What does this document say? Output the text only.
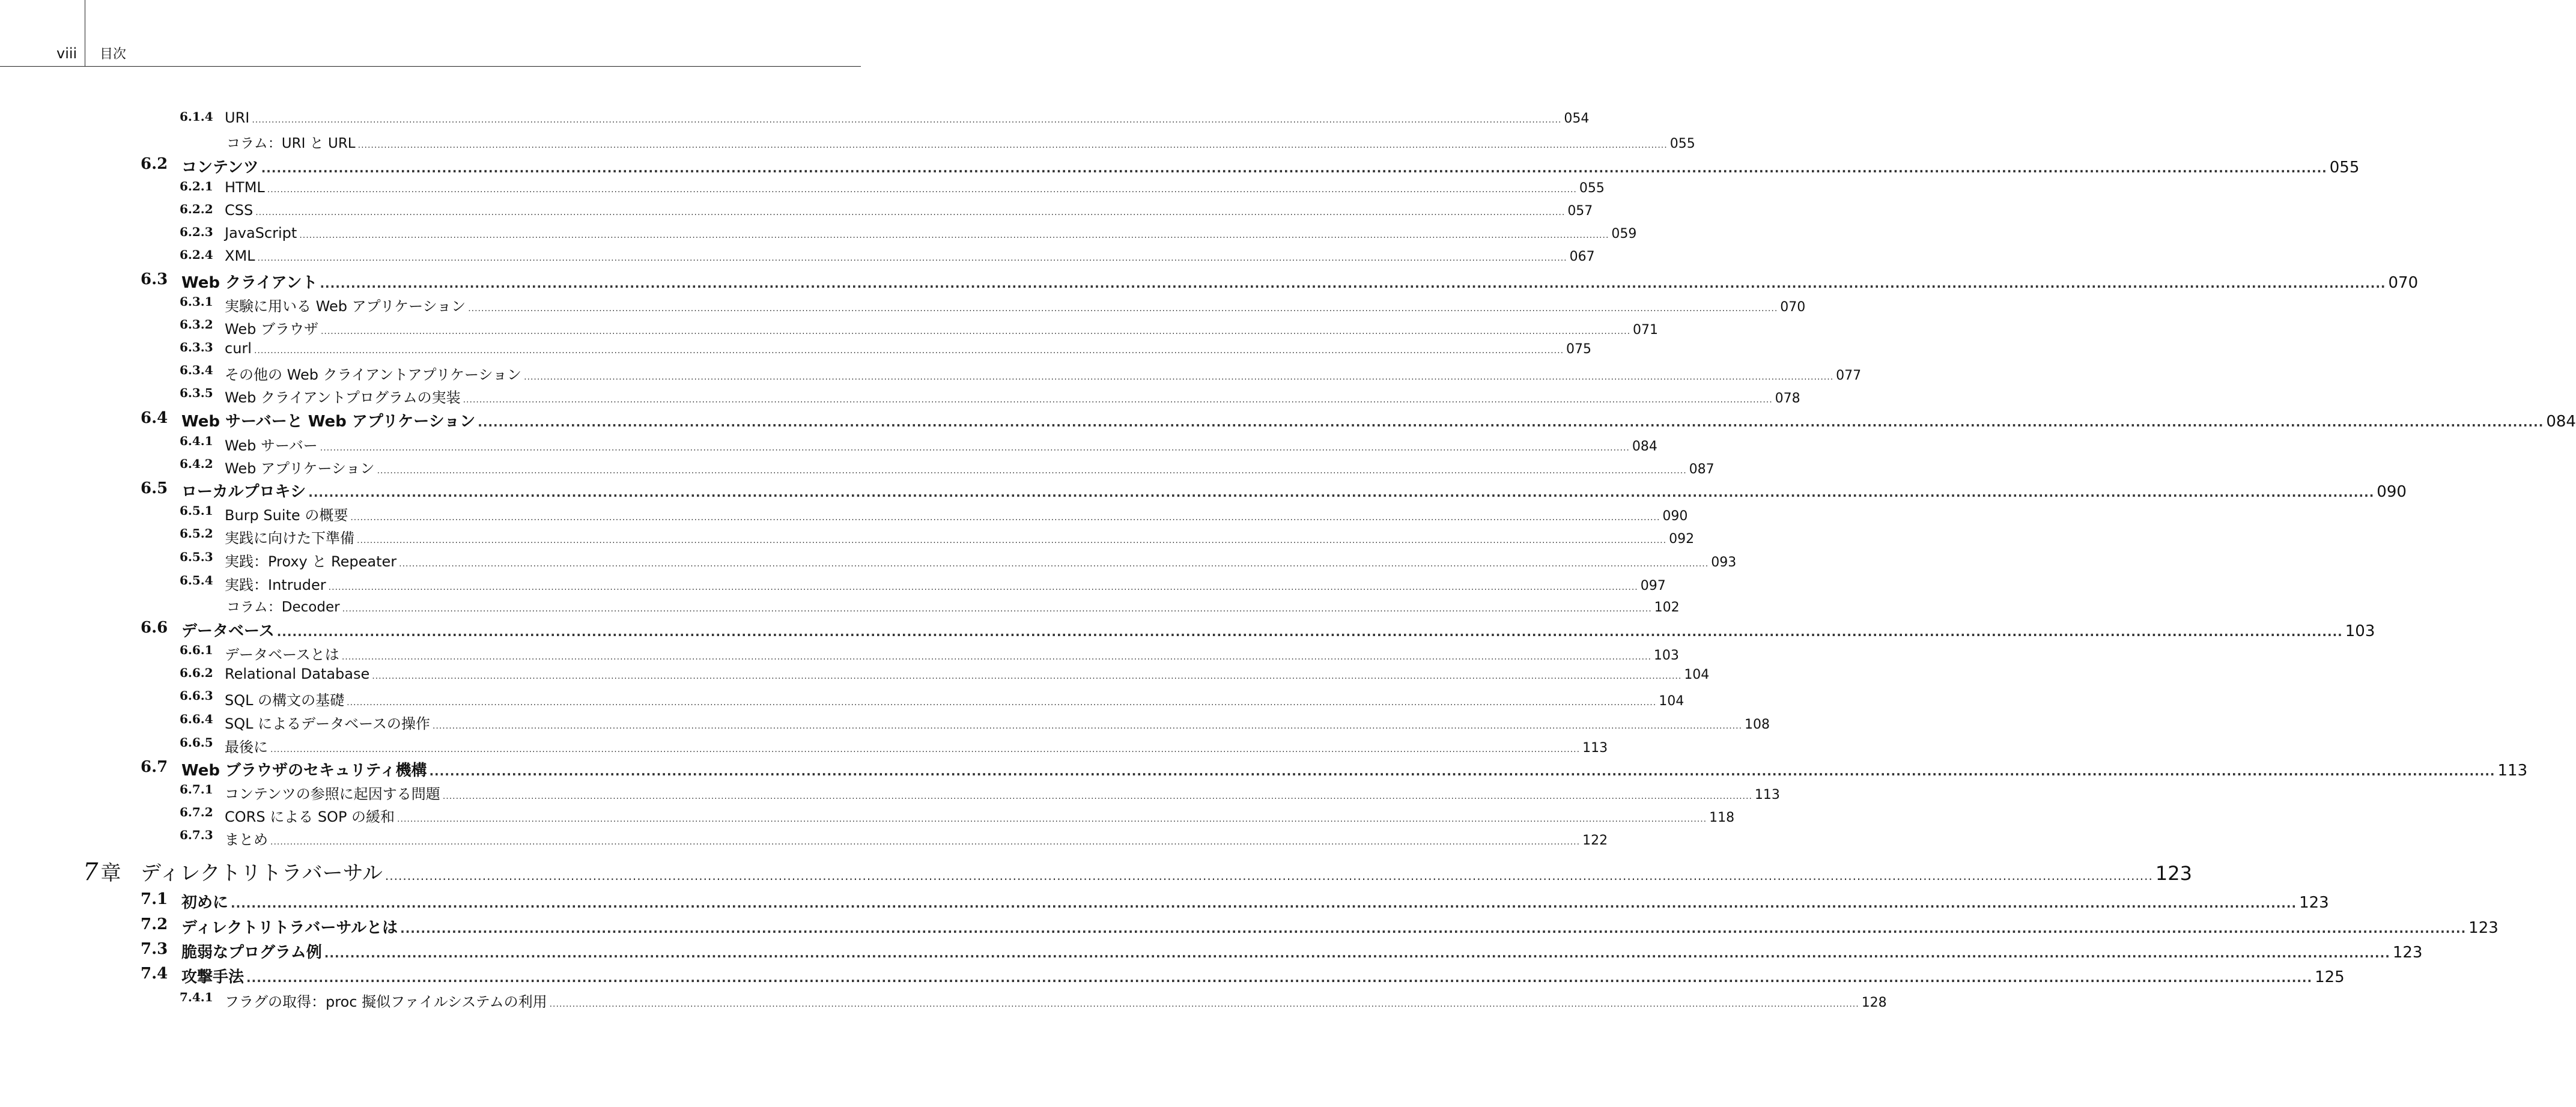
viii 目次
6.1.4 URI ................................................................................................................................................................................................................................................................................................................................................................................................................ 054
コラム：URI と URL ................................................................................................................................................................................................................................................................................................................................................................................................................ 055
6.2 コンテンツ ................................................................................................................................................................................................................................................................................................................................................................................................................ 055
6.2.1 HTML ................................................................................................................................................................................................................................................................................................................................................................................................................ 055
6.2.2 CSS ................................................................................................................................................................................................................................................................................................................................................................................................................ 057
6.2.3 JavaScript ................................................................................................................................................................................................................................................................................................................................................................................................................ 059
6.2.4 XML ................................................................................................................................................................................................................................................................................................................................................................................................................ 067
6.3 Web クライアント ................................................................................................................................................................................................................................................................................................................................................................................................................ 070
6.3.1 実験に用いる Web アプリケーション ................................................................................................................................................................................................................................................................................................................................................................................................................ 070
6.3.2 Web ブラウザ ................................................................................................................................................................................................................................................................................................................................................................................................................ 071
6.3.3 curl ................................................................................................................................................................................................................................................................................................................................................................................................................ 075
6.3.4 その他の Web クライアントアプリケーション ................................................................................................................................................................................................................................................................................................................................................................................................................ 077
6.3.5 Web クライアントプログラムの実装 ................................................................................................................................................................................................................................................................................................................................................................................................................ 078
6.4 Web サーバーと Web アプリケーション ................................................................................................................................................................................................................................................................................................................................................................................................................ 084
6.4.1 Web サーバー ................................................................................................................................................................................................................................................................................................................................................................................................................ 084
6.4.2 Web アプリケーション ................................................................................................................................................................................................................................................................................................................................................................................................................ 087
6.5 ローカルプロキシ ................................................................................................................................................................................................................................................................................................................................................................................................................ 090
6.5.1 Burp Suite の概要 ................................................................................................................................................................................................................................................................................................................................................................................................................ 090
6.5.2 実践に向けた下準備 ................................................................................................................................................................................................................................................................................................................................................................................................................ 092
6.5.3 実践：Proxy と Repeater ................................................................................................................................................................................................................................................................................................................................................................................................................ 093
6.5.4 実践：Intruder ................................................................................................................................................................................................................................................................................................................................................................................................................ 097
コラム：Decoder ................................................................................................................................................................................................................................................................................................................................................................................................................ 102
6.6 データベース ................................................................................................................................................................................................................................................................................................................................................................................................................ 103
6.6.1 データベースとは ................................................................................................................................................................................................................................................................................................................................................................................................................ 103
6.6.2 Relational Database ................................................................................................................................................................................................................................................................................................................................................................................................................ 104
6.6.3 SQL の構文の基礎 ................................................................................................................................................................................................................................................................................................................................................................................................................ 104
6.6.4 SQL によるデータベースの操作 ................................................................................................................................................................................................................................................................................................................................................................................................................ 108
6.6.5 最後に ................................................................................................................................................................................................................................................................................................................................................................................................................ 113
6.7 Web ブラウザのセキュリティ機構 ................................................................................................................................................................................................................................................................................................................................................................................................................ 113
6.7.1 コンテンツの参照に起因する問題 ................................................................................................................................................................................................................................................................................................................................................................................................................ 113
6.7.2 CORS による SOP の緩和 ................................................................................................................................................................................................................................................................................................................................................................................................................ 118
6.7.3 まとめ ................................................................................................................................................................................................................................................................................................................................................................................................................ 122
7 章 ディレクトリトラバーサル ................................................................................................................................................................................................................................................................................................................................................................................................................ 123
7.1 初めに ................................................................................................................................................................................................................................................................................................................................................................................................................ 123
7.2 ディレクトリトラバーサルとは ................................................................................................................................................................................................................................................................................................................................................................................................................ 123
7.3 脆弱なプログラム例 ................................................................................................................................................................................................................................................................................................................................................................................................................ 123
7.4 攻撃手法 ................................................................................................................................................................................................................................................................................................................................................................................................................ 125
7.4.1 フラグの取得：proc 擬似ファイルシステムの利用 ................................................................................................................................................................................................................................................................................................................................................................................................................ 128
